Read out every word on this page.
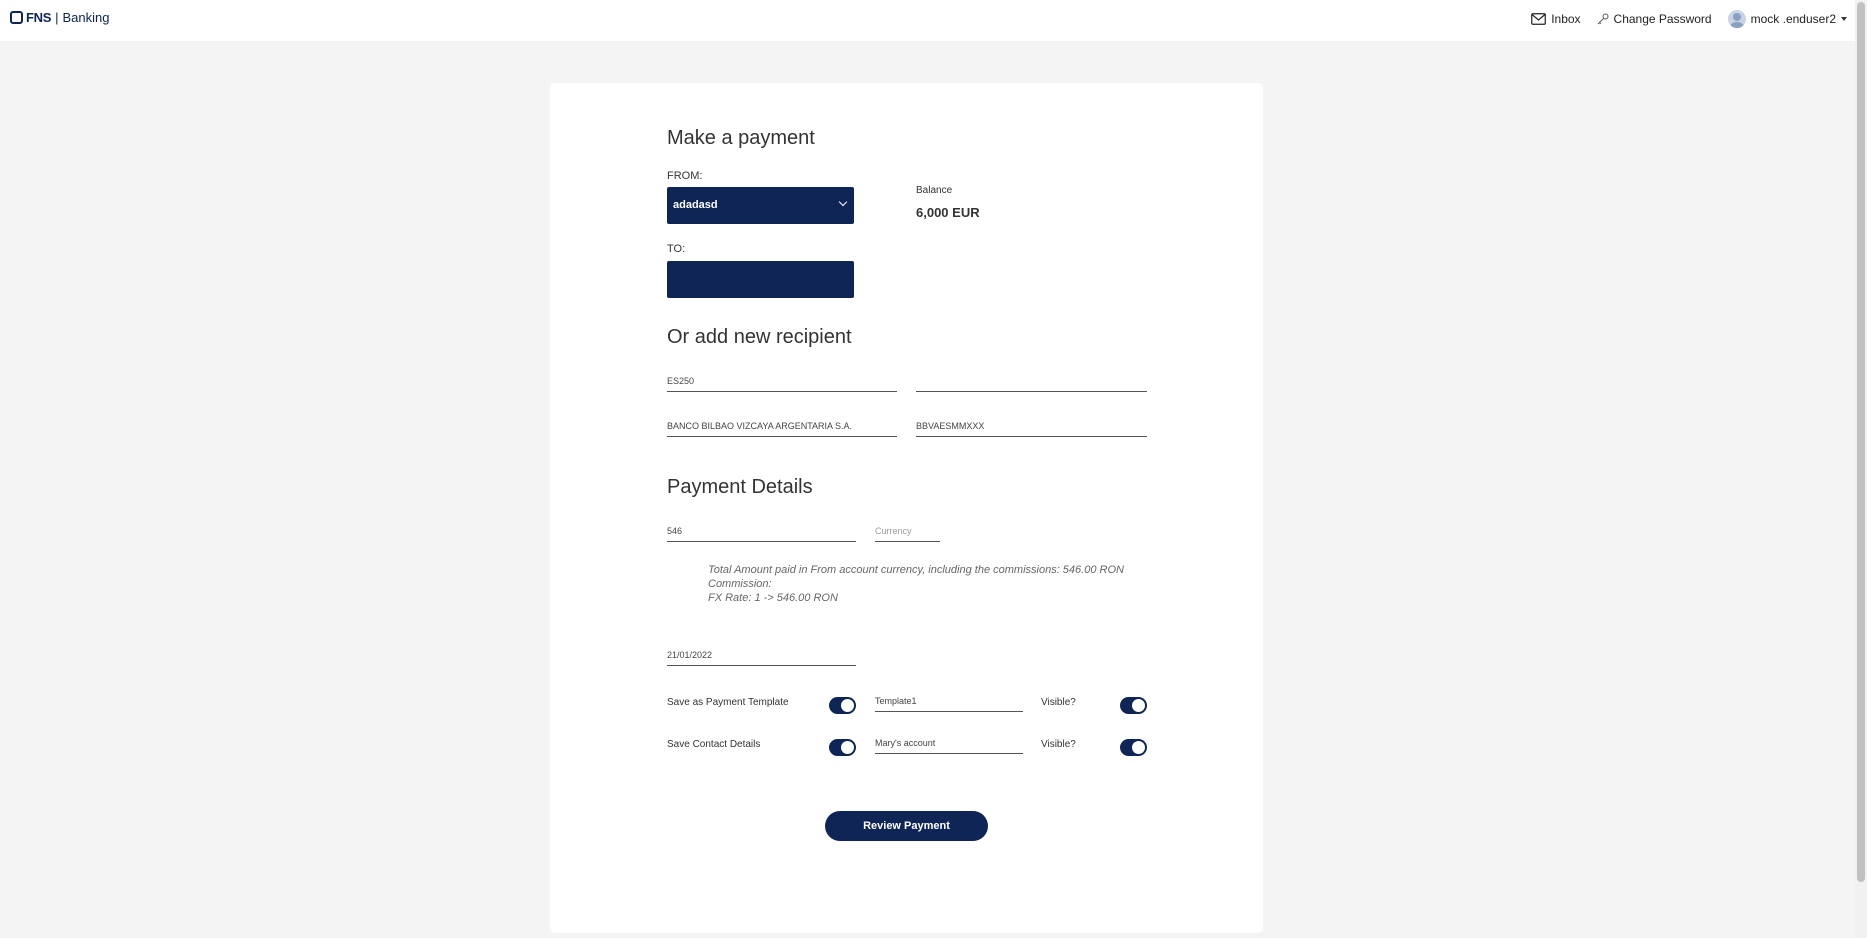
FNS | Banking	Inbox	Change Password	mock .enduser2
Make a payment
FROM:
adadasd
Balance
6,000 EUR
TO:
Or add new recipient
ES250
BANCO BILBAO VIZCAYA ARGENTARIA S.A.	BBVAESMMXXX
Payment Details
546	Currency
Total Amount paid in From account currency, including the commissions: 546.00 RON
Commission:
FX Rate: 1 -> 546.00 RON
21/01/2022
Save as Payment Template	Template1	Visible?
Save Contact Details	Mary's account	Visible?
Review Payment
